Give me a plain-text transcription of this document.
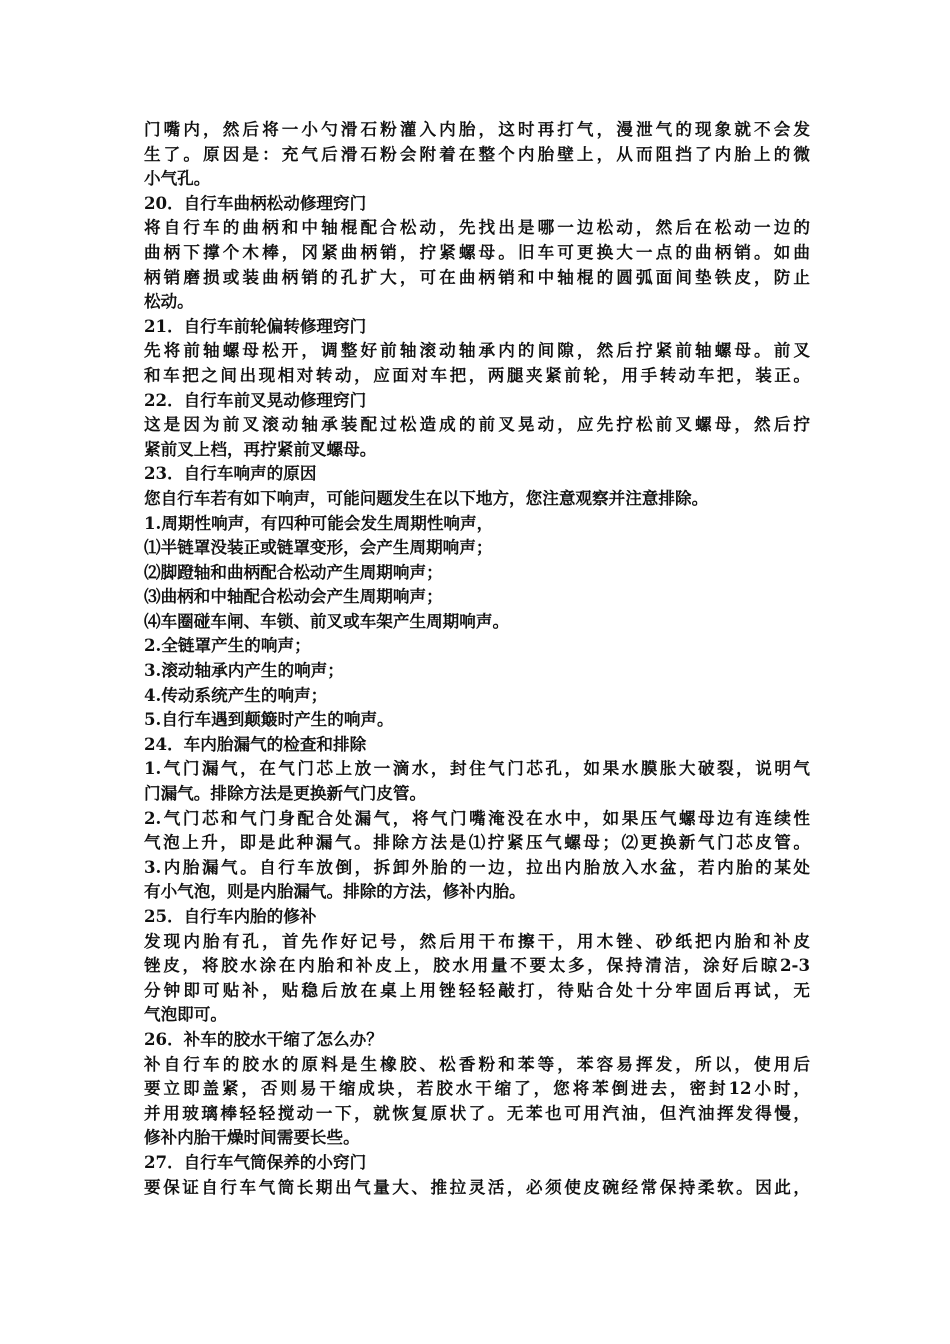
门嘴内，然后将一小勺滑石粉灌入内胎，这时再打气，漫泄气的现象就不会发
生了。原因是：充气后滑石粉会附着在整个内胎壁上，从而阻挡了内胎上的微
小气孔。
20．自行车曲柄松动修理窍门
将自行车的曲柄和中轴棍配合松动，先找出是哪一边松动，然后在松动一边的
曲柄下撑个木棒，冈紧曲柄销，拧紧螺母。旧车可更换大一点的曲柄销。如曲
柄销磨损或装曲柄销的孔扩大，可在曲柄销和中轴棍的圆弧面间垫铁皮，防止
松动。
21．自行车前轮偏转修理窍门
先将前轴螺母松开，调整好前轴滚动轴承内的间隙，然后拧紧前轴螺母。前叉
和车把之间出现相对转动，应面对车把，两腿夹紧前轮，用手转动车把，装正。
22．自行车前叉晃动修理窍门
这是因为前叉滚动轴承装配过松造成的前叉晃动，应先拧松前叉螺母，然后拧
紧前叉上档，再拧紧前叉螺母。
23．自行车响声的原因
您自行车若有如下响声，可能问题发生在以下地方，您注意观察并注意排除。
1.周期性响声，有四种可能会发生周期性响声，
⑴半链罩没装正或链罩变形，会产生周期响声；
⑵脚蹬轴和曲柄配合松动产生周期响声；
⑶曲柄和中轴配合松动会产生周期响声；
⑷车圈碰车闸、车锁、前叉或车架产生周期响声。
2.全链罩产生的响声；
3.滚动轴承内产生的响声；
4.传动系统产生的响声；
5.自行车遇到颠簸时产生的响声。
24．车内胎漏气的检查和排除
1.气门漏气，在气门芯上放一滴水，封住气门芯孔，如果水膜胀大破裂，说明气
门漏气。排除方法是更换新气门皮管。
2.气门芯和气门身配合处漏气，将气门嘴淹没在水中，如果压气螺母边有连续性
气泡上升，即是此种漏气。排除方法是⑴拧紧压气螺母；⑵更换新气门芯皮管。
3.内胎漏气。自行车放倒，拆卸外胎的一边，拉出内胎放入水盆，若内胎的某处
有小气泡，则是内胎漏气。排除的方法，修补内胎。
25．自行车内胎的修补
发现内胎有孔，首先作好记号，然后用干布擦干，用木锉、砂纸把内胎和补皮
锉皮，将胶水涂在内胎和补皮上，胶水用量不要太多，保持清洁，涂好后晾2-3
分钟即可贴补，贴稳后放在桌上用锉轻轻敲打，待贴合处十分牢固后再试，无
气泡即可。
26．补车的胶水干缩了怎么办？
补自行车的胶水的原料是生橡胶、松香粉和苯等，苯容易挥发，所以，使用后
要立即盖紧，否则易干缩成块，若胶水干缩了，您将苯倒进去，密封12小时，
并用玻璃棒轻轻搅动一下，就恢复原状了。无苯也可用汽油，但汽油挥发得慢，
修补内胎干燥时间需要长些。
27．自行车气筒保养的小窍门
要保证自行车气筒长期出气量大、推拉灵活，必须使皮碗经常保持柔软。因此，
